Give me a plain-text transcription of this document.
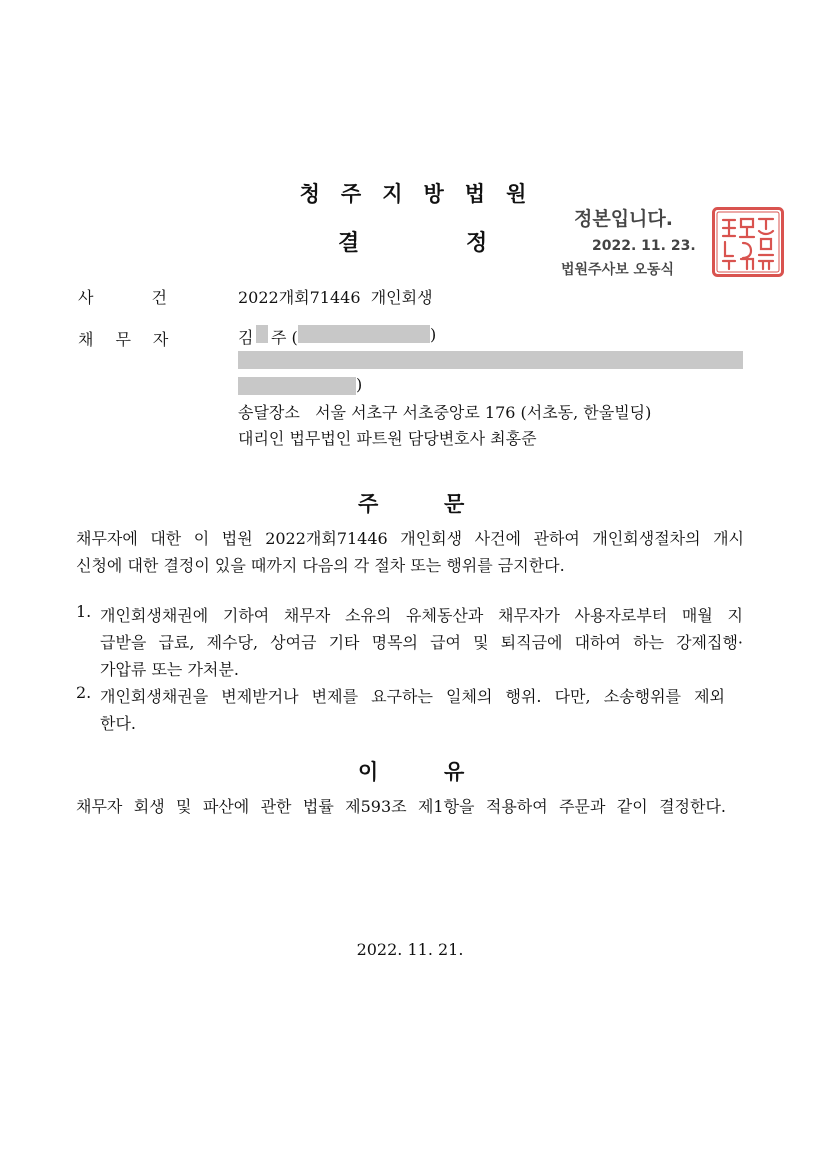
청주지방법원
결	정
정본입니다.
2022. 11. 23.
법원주사보 오동식
사건 2022개회71446  개인회생
채무자	김 주 (	)
)
송달장소   서울 서초구 서초중앙로 176 (서초동, 한울빌딩)
대리인 법무법인 파트원 담당변호사 최홍준
주	문
채무자에 대한 이 법원 2022개회71446 개인회생 사건에 관하여 개인회생절차의 개시
신청에 대한 결정이 있을 때까지 다음의 각 절차 또는 행위를 금지한다.
1. 개인회생채권에 기하여 채무자 소유의 유체동산과 채무자가 사용자로부터 매월 지
급받을 급료, 제수당, 상여금 기타 명목의 급여 및 퇴직금에 대하여 하는 강제집행·
가압류 또는 가처분.
2. 개인회생채권을 변제받거나 변제를 요구하는 일체의 행위. 다만, 소송행위를 제외
한다.
이	유
채무자 회생 및 파산에 관한 법률 제593조 제1항을 적용하여 주문과 같이 결정한다.
2022. 11. 21.
